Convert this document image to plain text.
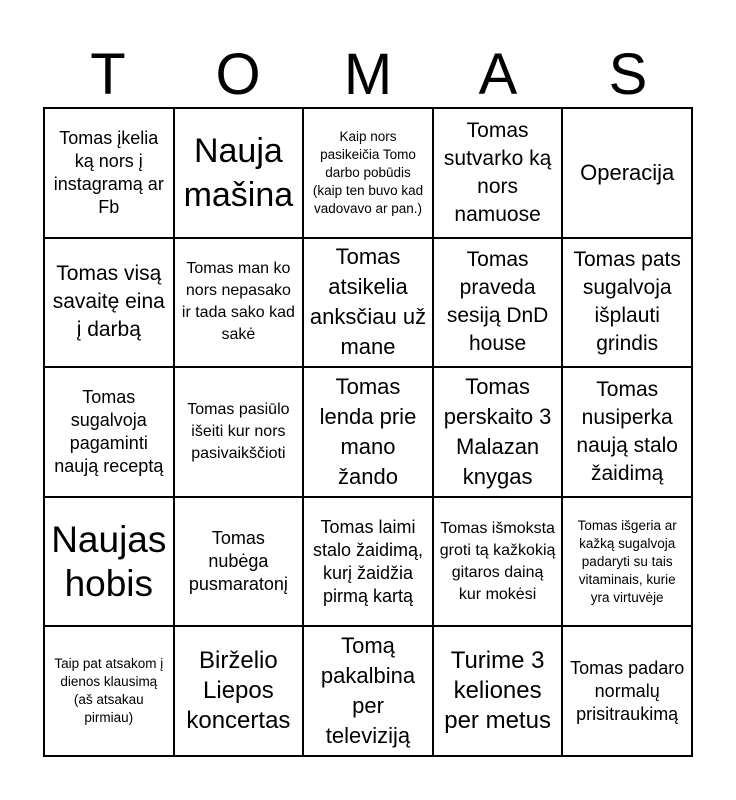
T	O	M	A	S
Tomas įkelia ką nors į instagramą ar Fb
Nauja mašina
Kaip nors pasikeičia Tomo darbo pobūdis (kaip ten buvo kad vadovavo ar pan.)
Tomas sutvarko ką nors namuose
Operacija
Tomas visą savaitę eina į darbą
Tomas man ko nors nepasako ir tada sako kad sakė
Tomas atsikelia anksčiau už mane
Tomas praveda sesiją DnD house
Tomas pats sugalvoja išplauti grindis
Tomas sugalvoja pagaminti naują receptą
Tomas pasiūlo išeiti kur nors pasivaikščioti
Tomas lenda prie mano žando
Tomas perskaito 3 Malazan knygas
Tomas nusiperka naują stalo žaidimą
Naujas hobis
Tomas nubėga pusmaratonį
Tomas laimi stalo žaidimą, kurį žaidžia pirmą kartą
Tomas išmoksta groti tą kažkokią gitaros dainą kur mokėsi
Tomas išgeria ar kažką sugalvoja padaryti su tais vitaminais, kurie yra virtuvėje
Taip pat atsakom į dienos klausimą (aš atsakau pirmiau)
Birželio Liepos koncertas
Tomą pakalbina per televiziją
Turime 3 keliones per metus
Tomas padaro normalų prisitraukimą
